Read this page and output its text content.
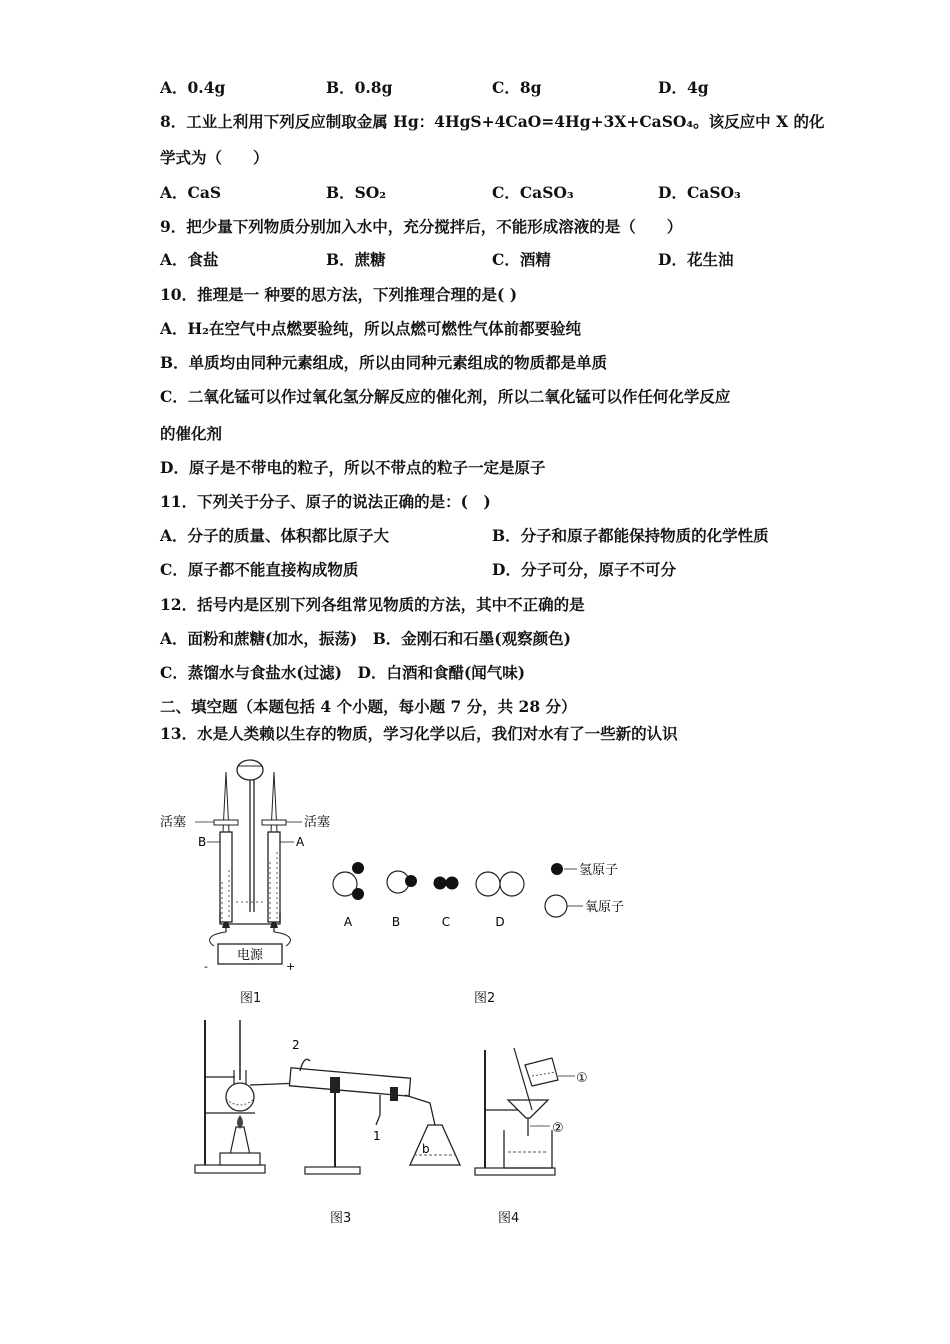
A．0.4g	B．0.8g	C．8g	D．4g
8．工业上利用下列反应制取金属 Hg：4HgS+4CaO=4Hg+3X+CaSO₄。该反应中 X 的化
学式为（　　）
A．CaS	B．SO₂	C．CaSO₃	D．CaSO₃
9．把少量下列物质分别加入水中，充分搅拌后，不能形成溶液的是（　　）
A．食盐	B．蔗糖	C．酒精	D．花生油
10．推理是一 种要的思方法，下列推理合理的是( )
A．H₂在空气中点燃要验纯，所以点燃可燃性气体前都要验纯
B．单质均由同种元素组成，所以由同种元素组成的物质都是单质
C．二氧化锰可以作过氧化氢分解反应的催化剂，所以二氧化锰可以作任何化学反应
的催化剂
D．原子是不带电的粒子，所以不带点的粒子一定是原子
11．下列关于分子、原子的说法正确的是：(　)
A．分子的质量、体积都比原子大	B．分子和原子都能保持物质的化学性质
C．原子都不能直接构成物质	D．分子可分，原子不可分
12．括号内是区别下列各组常见物质的方法，其中不正确的是
A．面粉和蔗糖(加水，振荡)　B．金刚石和石墨(观察颜色)
C．蒸馏水与食盐水(过滤)　D．白酒和食醋(闻气味)
二、填空题（本题包括 4 个小题，每小题 7 分，共 28 分）
13．水是人类赖以生存的物质，学习化学以后，我们对水有了一些新的认识
电源
-	+
活塞	活塞
B	A
图1
A	B	C	D
氢原子
氧原子
图2
1
2
b
图3
①
②
图4
